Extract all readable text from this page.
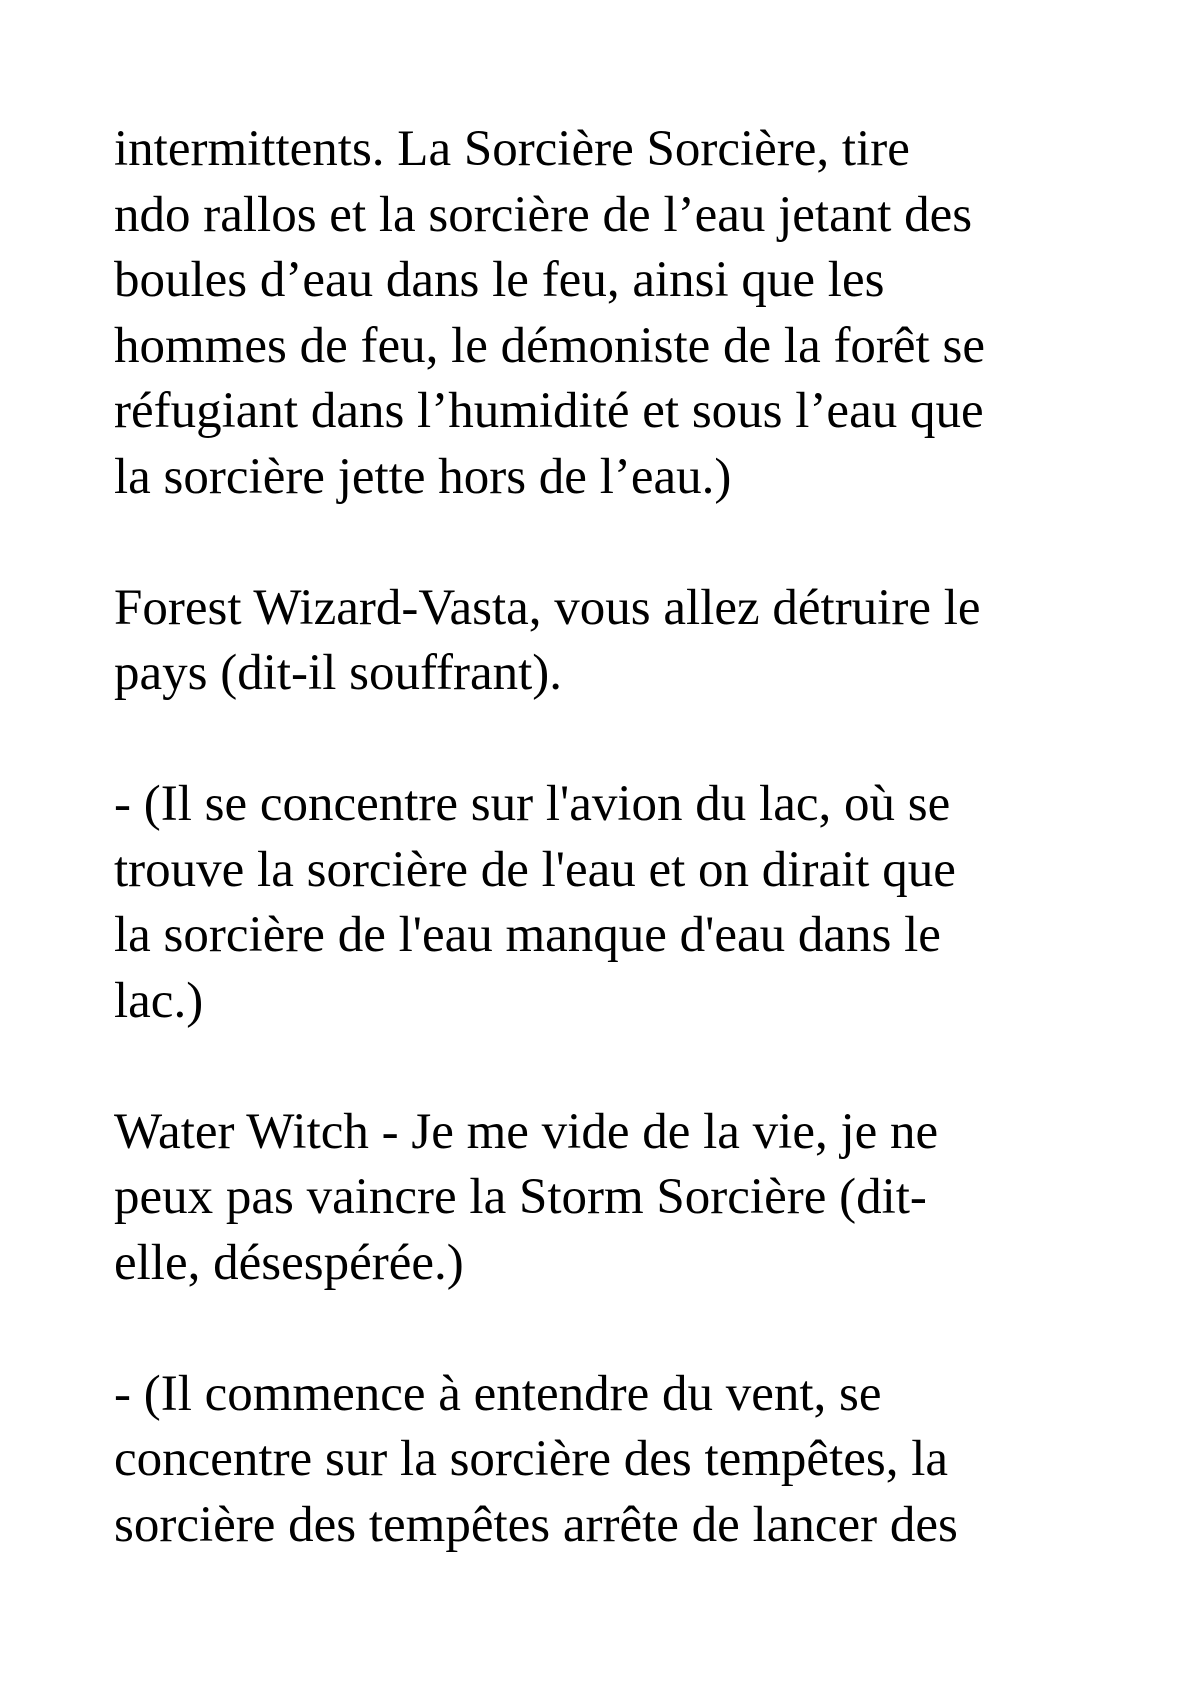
intermittents. La Sorcière Sorcière, tire
ndo rallos et la sorcière de l’eau jetant des
boules d’eau dans le feu, ainsi que les
hommes de feu, le démoniste de la forêt se
réfugiant dans l’humidité et sous l’eau que
la sorcière jette hors de l’eau.)

Forest Wizard-Vasta, vous allez détruire le
pays (dit-il souffrant).

- (Il se concentre sur l'avion du lac, où se
trouve la sorcière de l'eau et on dirait que
la sorcière de l'eau manque d'eau dans le
lac.)

Water Witch - Je me vide de la vie, je ne
peux pas vaincre la Storm Sorcière (dit-
elle, désespérée.)

- (Il commence à entendre du vent, se
concentre sur la sorcière des tempêtes, la
sorcière des tempêtes arrête de lancer des
